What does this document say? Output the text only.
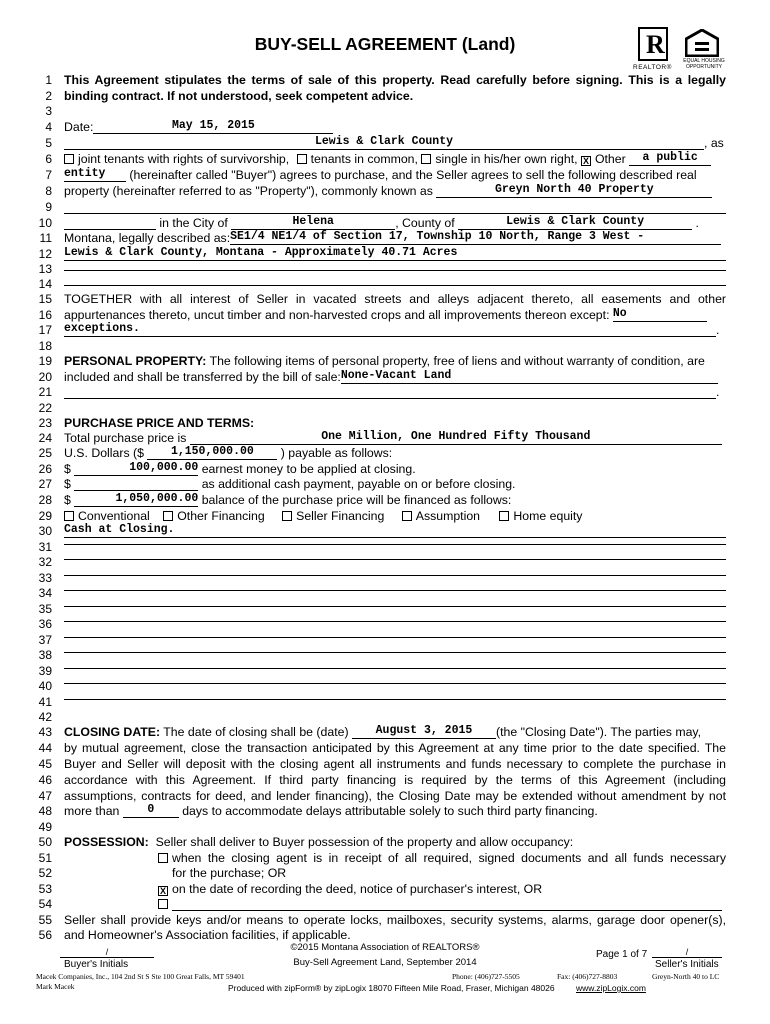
BUY-SELL AGREEMENT (Land)	R
REALTOR®
EQUAL HOUSING OPPORTUNITY
1
2
3
4
5
6
7
8
9
10
11
12
13
14
15
16
17
18
19
20
21
22
23
24
25
26
27
28
29
30
31
32
33
34
35
36
37
38
39
40
41
42
43
44
45
46
47
48
49
50
51
52
53
54
55
56
This Agreement stipulates the terms of sale of this property. Read carefully before signing. This is a legally
binding contract. If not understood, seek competent advice.
Date:	May 15, 2015
Lewis & Clark County	, as
joint tenants with rights of survivorship, tenants in common, single in his/her own right, X Other a public
entity (hereinafter called "Buyer") agrees to purchase, and the Seller agrees to sell the following described real
property (hereinafter referred to as "Property"), commonly known as	Greyn North 40 Property
in the City of	Helena	, County of	Lewis & Clark County	.
Montana, legally described as:SE1/4 NE1/4 of Section 17, Township 10 North, Range 3 West -
Lewis & Clark County, Montana - Approximately 40.71 Acres
TOGETHER with all interest of Seller in vacated streets and alleys adjacent thereto, all easements and other
appurtenances thereto, uncut timber and non-harvested crops and all improvements thereon except: No
exceptions.	.
PERSONAL PROPERTY: The following items of personal property, free of liens and without warranty of condition, are
included and shall be transferred by the bill of sale:None-Vacant Land
.
PURCHASE PRICE AND TERMS:
Total purchase price is	One Million, One Hundred Fifty Thousand
U.S. Dollars ($ 1,150,000.00 ) payable as follows:
$	100,000.00 earnest money to be applied at closing.
$	as additional cash payment, payable on or before closing.
$	1,050,000.00 balance of the purchase price will be financed as follows:
Conventional Other Financing	Seller Financing	Assumption	Home equity
Cash at Closing.
CLOSING DATE: The date of closing shall be (date) August 3, 2015 (the "Closing Date"). The parties may,
by mutual agreement, close the transaction anticipated by this Agreement at any time prior to the date specified. The
Buyer and Seller will deposit with the closing agent all instruments and funds necessary to complete the purchase in
accordance with this Agreement. If third party financing is required by the terms of this Agreement (including
assumptions, contracts for deed, and lender financing), the Closing Date may be extended without amendment by not
more than 0 days to accommodate delays attributable solely to such third party financing.
POSSESSION: Seller shall deliver to Buyer possession of the property and allow occupancy:
when the closing agent is in receipt of all required, signed documents and all funds necessary
for the purchase; OR
X on the date of recording the deed, notice of purchaser's interest, OR
Seller shall provide keys and/or means to operate locks, mailboxes, security systems, alarms, garage door opener(s),
and Homeowner's Association facilities, if applicable.
©2015 Montana Association of REALTORS®
Buy-Sell Agreement Land, September 2014
Page 1 of 7
/
Buyer's Initials
/
Seller's Initials
Macek Companies, Inc., 104 2nd St S Ste 100 Great Falls, MT 59401
Mark Macek
Phone: (406)727-5505	Fax: (406)727-8803	Greyn-North 40 to LC
Produced with zipForm® by zipLogix 18070 Fifteen Mile Road, Fraser, Michigan 48026	www.zipLogix.com
